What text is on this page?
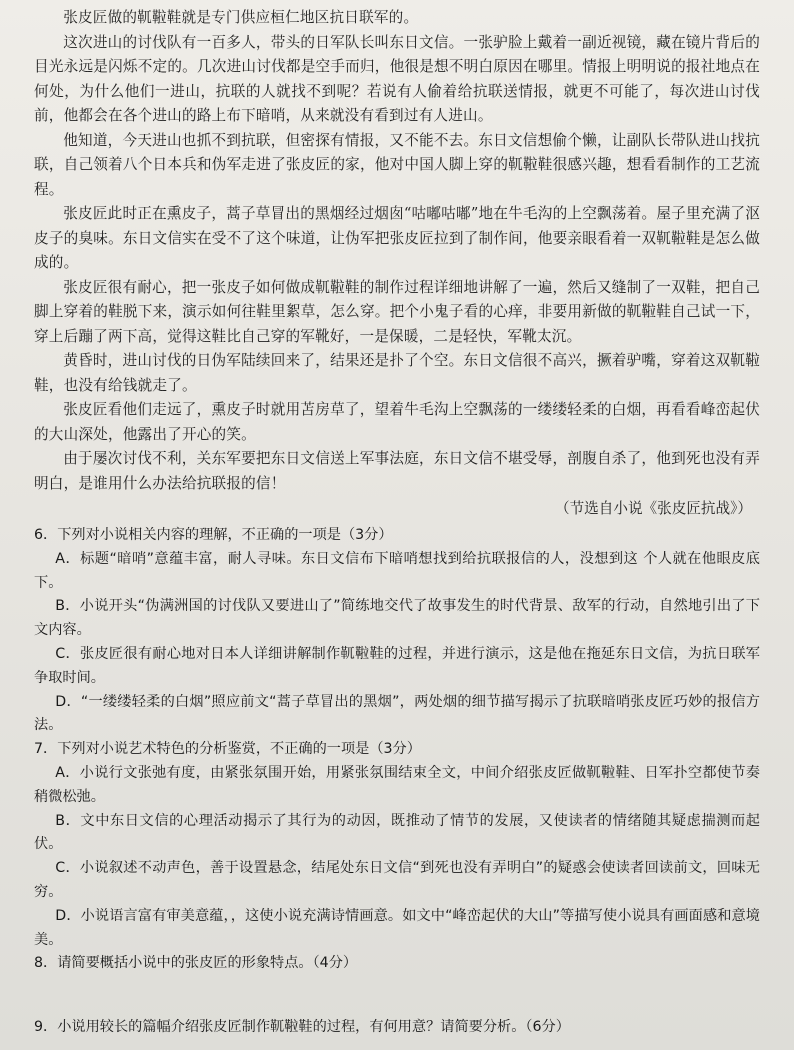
张皮匠做的靰鞡鞋就是专门供应桓仁地区抗日联军的。

这次进山的讨伐队有一百多人，带头的日军队长叫东日文信。一张驴脸上戴着一副近视镜，藏在镜片背后的目光永远是闪烁不定的。几次进山讨伐都是空手而归，他很是想不明白原因在哪里。情报上明明说的报社地点在何处，为什么他们一进山，抗联的人就找不到呢？若说有人偷着给抗联送情报，就更不可能了，每次进山讨伐前，他都会在各个进山的路上布下暗哨，从来就没有看到过有人进山。

他知道，今天进山也抓不到抗联，但密探有情报，又不能不去。东日文信想偷个懒，让副队长带队进山找抗联，自己领着八个日本兵和伪军走进了张皮匠的家，他对中国人脚上穿的靰鞡鞋很感兴趣，想看看制作的工艺流程。

张皮匠此时正在熏皮子，蒿子草冒出的黑烟经过烟囱“咕嘟咕嘟”地在牛毛沟的上空飘荡着。屋子里充满了沤皮子的臭味。东日文信实在受不了这个味道，让伪军把张皮匠拉到了制作间，他要亲眼看着一双靰鞡鞋是怎么做成的。

张皮匠很有耐心，把一张皮子如何做成靰鞡鞋的制作过程详细地讲解了一遍，然后又缝制了一双鞋，把自己脚上穿着的鞋脱下来，演示如何往鞋里絮草，怎么穿。把个小鬼子看的心痒，非要用新做的靰鞡鞋自己试一下，穿上后蹦了两下高，觉得这鞋比自己穿的军靴好，一是保暖，二是轻快，军靴太沉。

黄昏时，进山讨伐的日伪军陆续回来了，结果还是扑了个空。东日文信很不高兴，撅着驴嘴，穿着这双靰鞡鞋，也没有给钱就走了。

张皮匠看他们走远了，熏皮子时就用苫房草了，望着牛毛沟上空飘荡的一缕缕轻柔的白烟，再看看峰峦起伏的大山深处，他露出了开心的笑。

由于屡次讨伐不利，关东军要把东日文信送上军事法庭，东日文信不堪受辱，剖腹自杀了，他到死也没有弄明白，是谁用什么办法给抗联报的信！

（节选自小说《张皮匠抗战》）

6．下列对小说相关内容的理解，不正确的一项是（3分）

A．标题“暗哨”意蕴丰富，耐人寻味。东日文信布下暗哨想找到给抗联报信的人，没想到这 个人就在他眼皮底下。

B．小说开头“伪满洲国的讨伐队又要进山了”简练地交代了故事发生的时代背景、敌军的行动，自然地引出了下文内容。

C．张皮匠很有耐心地对日本人详细讲解制作靰鞡鞋的过程，并进行演示，这是他在拖延东日文信，为抗日联军争取时间。

D．“一缕缕轻柔的白烟”照应前文“蒿子草冒出的黑烟”，两处烟的细节描写揭示了抗联暗哨张皮匠巧妙的报信方法。

7．下列对小说艺术特色的分析鉴赏，不正确的一项是（3分）

A．小说行文张弛有度，由紧张氛围开始，用紧张氛围结束全文，中间介绍张皮匠做靰鞡鞋、日军扑空都使节奏稍微松弛。

B．文中东日文信的心理活动揭示了其行为的动因，既推动了情节的发展，又使读者的情绪随其疑虑揣测而起伏。

C．小说叙述不动声色，善于设置悬念，结尾处东日文信“到死也没有弄明白”的疑惑会使读者回读前文，回味无穷。

D．小说语言富有审美意蕴，，这使小说充满诗情画意。如文中“峰峦起伏的大山”等描写使小说具有画面感和意境美。

8．请简要概括小说中的张皮匠的形象特点。（4分）

9．小说用较长的篇幅介绍张皮匠制作靰鞡鞋的过程，有何用意？请简要分析。（6分）
